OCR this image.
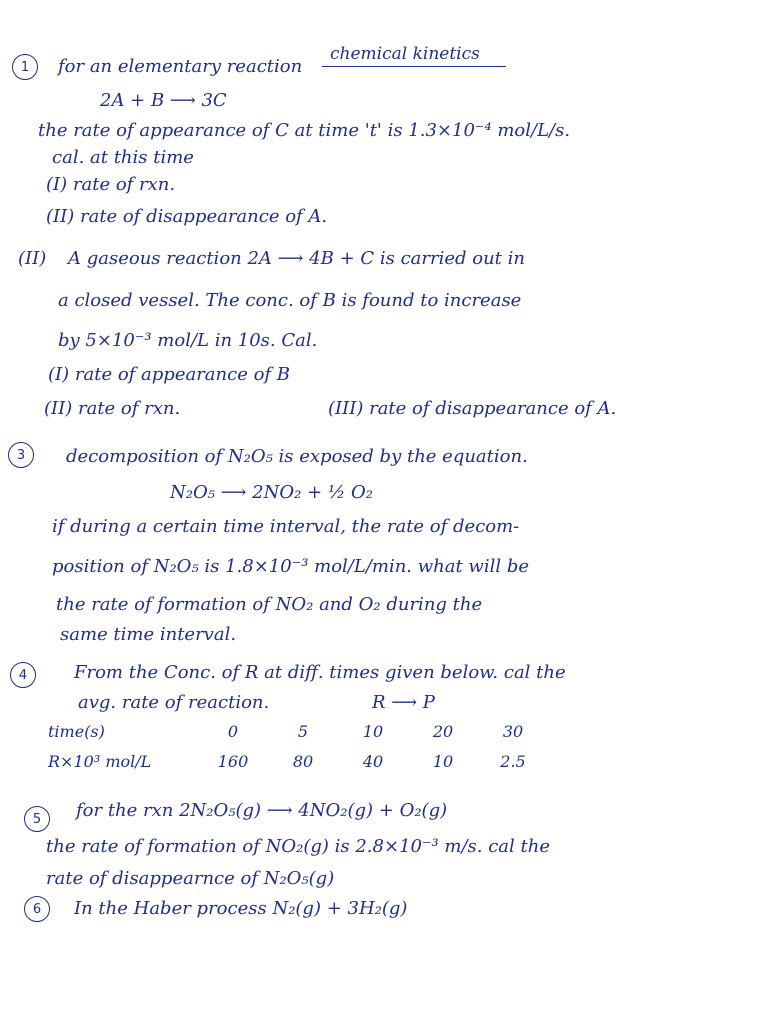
chemical kinetics
1	for an elementary reaction
2A + B ⟶ 3C
the rate of appearance of C at time 't' is 1.3×10⁻⁴ mol/L/s.
cal. at this time
(I) rate of rxn.
(II) rate of disappearance of A.
(II) A gaseous reaction 2A ⟶ 4B + C is carried out in
a closed vessel. The conc. of B is found to increase
by 5×10⁻³ mol/L in 10s. Cal.
(I) rate of appearance of B
(II) rate of rxn.	(III) rate of disappearance of A.
3	decomposition of N₂O₅ is exposed by the equation.
N₂O₅ ⟶ 2NO₂ + ½ O₂
if during a certain time interval, the rate of decom-
position of N₂O₅ is 1.8×10⁻³ mol/L/min. what will be
the rate of formation of NO₂ and O₂ during the
same time interval.
4	From the Conc. of R at diff. times given below. cal the
avg. rate of reaction.	R ⟶ P
time(s)	0	5	10	20	30
R×10³ mol/L	160	80	40	10	2.5
5	for the rxn 2N₂O₅(g) ⟶ 4NO₂(g) + O₂(g)
the rate of formation of NO₂(g) is 2.8×10⁻³ m/s. cal the
rate of disappearnce of N₂O₅(g)
6	In the Haber process N₂(g) + 3H₂(g)
